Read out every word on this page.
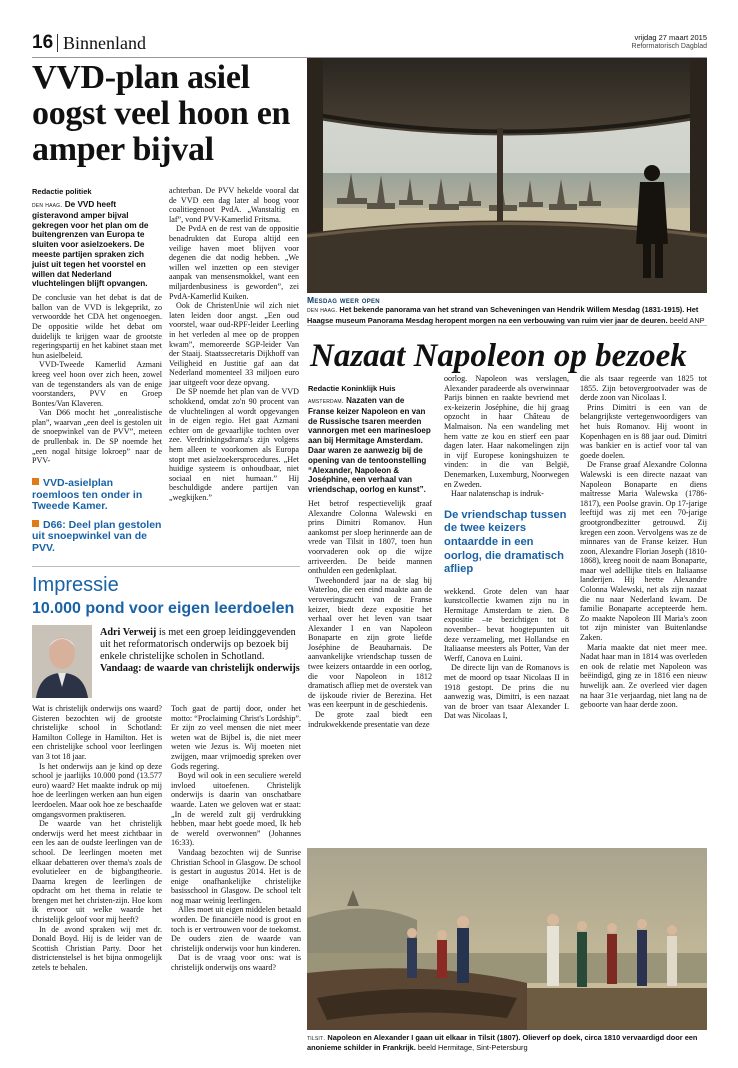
16 Binnenland	vrijdag 27 maart 2015
Reformatorisch Dagblad
VVD-plan asiel oogst veel hoon en amper bijval
Redactie politiek
den haag. De VVD heeft gisteravond amper bijval gekregen voor het plan om de buitengrenzen van Europa te sluiten voor asielzoekers. De meeste partijen spraken zich juist uit tegen het voorstel en willen dat Nederland vluchtelingen blijft opvangen.

De conclusie van het debat is dat de ballon van de VVD is lekgeprikt, zo verwoordde het CDA het ongenoegen. De oppositie wilde het debat om duidelijk te krijgen waar de grootste regeringspartij en het kabinet staan met hun asielbeleid.

VVD-Tweede Kamerlid Azmani kreeg veel hoon over zich heen, zowel van de tegenstanders als van de enige voorstanders, PVV en Groep Bontes/Van Klaveren.

Van D66 mocht het „onrealistische plan”, waarvan „een deel is gestolen uit de snoepwinkel van de PVV”, meteen de prullenbak in. De SP noemde het „een nogal hitsige lokroep” naar de PVV-

achterban. De PVV hekelde vooral dat de VVD een dag later al boog voor coalitiegenoot PvdA. „Wanstaltig en laf”, vond PVV-Kamerlid Fritsma.

De PvdA en de rest van de oppositie benadrukten dat Europa altijd een veilige haven moet blijven voor degenen die dat nodig hebben. „We willen wel inzetten op een steviger aanpak van mensensmokkel, want een miljardenbusiness is geworden”, zei PvdA-Kamerlid Kuiken.

Ook de ChristenUnie wil zich niet laten leiden door angst. „Een oud voorstel, waar oud-RPF-leider Leerling in het verleden al mee op de proppen kwam”, memoreerde SGP-leider Van der Staaij. Staatssecretaris Dijkhoff van Veiligheid en Justitie gaf aan dat Nederland momenteel 33 miljoen euro jaar uitgeeft voor deze opvang.

De SP noemde het plan van de VVD schokkend, omdat zo'n 90 procent van de vluchtelingen al wordt opgevangen in de eigen regio. Het gaat Azmani echter om de gevaarlijke tochten over zee. Verdrinkingsdrama's zijn volgens hem alleen te voorkomen als Europa stopt met asielzoekersprocedures. „Het huidige systeem is onhoudbaar, niet sociaal en niet humaan.” Hij beschuldigde andere partijen van „wegkijken.”

VVD-asielplan roemloos ten onder in Tweede Kamer.
D66: Deel plan gestolen uit snoepwinkel van de PVV.
Mesdag weer open
den haag. Het bekende panorama van het strand van Scheveningen van Hendrik Willem Mesdag (1831-1915). Het Haagse museum Panorama Mesdag heropent morgen na een verbouwing van ruim vier jaar de deuren. beeld ANP
Nazaat Napoleon op bezoek
Redactie Koninklijk Huis
amsterdam. Nazaten van de Franse keizer Napoleon en van de Russische tsaren meerden vannorgen met een marinesloep aan bij Hermitage Amsterdam. Daar waren ze aanwezig bij de opening van de tentoonstelling “Alexander, Napoleon & Joséphine, een verhaal van vriendschap, oorlog en kunst”.

Het betrof respectievelijk graaf Alexandre Colonna Walewski en prins Dimitri Romanov. Hun aankomst per sloep herinnerde aan de vrede van Tilsit in 1807, toen hun voorvaderen ook op die wijze arriveerden. De beide mannen onthulden een gedenkplaat.

Tweehonderd jaar na de slag bij Waterloo, die een eind maakte aan de veroveringszucht van de Franse keizer, biedt deze expositie het verhaal over het leven van tsaar Alexander I en van Napoleon Bonaparte en zijn grote liefde Joséphine de Beauharnais. De aanvankelijke vriendschap tussen de twee keizers ontaardde in een oorlog, die voor Napoleon in 1812 dramatisch afliep met de overstek van de ijskoude rivier de Berezina. Het was een keerpunt in de geschiedenis.

De grote zaal biedt een indrukwekkende presentatie van deze

oorlog. Napoleon was verslagen, Alexander paradeerde als overwinnaar Parijs binnen en raakte bevriend met ex-keizerin Joséphine, die hij graag opzocht in haar Château de Malmaison. Na een wandeling met hem vatte ze kou en stierf een paar dagen later. Haar nakomelingen zijn in vijf Europese koningshuizen te vinden: in die van België, Denemarken, Luxemburg, Noorwegen en Zweden.

Haar nalatenschap is indruk-

De vriendschap tussen de twee keizers ontaardde in een oorlog, die dramatisch afliep

wekkend. Grote delen van haar kunstcollectie kwamen zijn nu in Hermitage Amsterdam te zien. De expositie –te bezichtigen tot 8 november– bevat hoogtepunten uit deze verzameling, met Hollandse en Italiaanse meesters als Potter, Van der Werff, Canova en Luini.

De directe lijn van de Romanovs is met de moord op tsaar Nicolaas II in 1918 gestopt. De prins die nu aanwezig was, Dimitri, is een nazaat van de broer van tsaar Alexander I. Dat was Nicolaas I,

die als tsaar regeerde van 1825 tot 1855. Zijn betovergrootvader was de derde zoon van Nicolaas I.

Prins Dimitri is een van de belangrijkste vertegenwoordigers van het huis Romanov. Hij woont in Kopenhagen en is 88 jaar oud. Dimitri was bankier en is actief voor tal van goede doelen.

De Franse graaf Alexandre Colonna Walewski is een directe nazaat van Napoleon Bonaparte en diens maîtresse Maria Walewska (1786-1817), een Poolse gravin. Op 17-jarige leeftijd was zij met een 70-jarige grootgrondbezitter getrouwd. Zij kregen een zoon. Vervolgens was ze de minnares van de Franse keizer. Hun zoon, Alexandre Florian Joseph (1810-1868), kreeg nooit de naam Bonaparte, maar wel adellijke titels en Italiaanse landerijen. Hij heette Alexandre Colonna Walewski, net als zijn nazaat die nu naar Nederland kwam. De familie Bonaparte accepteerde hem. Zo maakte Napoleon III Maria's zoon tot zijn minister van Buitenlandse Zaken.

Maria maakte dat niet meer mee. Nadat haar man in 1814 was overleden en ook de relatie met Napoleon was beëindigd, ging ze in 1816 een nieuw huwelijk aan. Ze overleed vier dagen na haar 31e verjaardag, niet lang na de geboorte van haar derde zoon.

tilsit. Napoleon en Alexander I gaan uit elkaar in Tilsit (1807). Olieverf op doek, circa 1810 vervaardigd door een anonieme schilder in Frankrijk. beeld Hermitage, Sint-Petersburg
Impressie
10.000 pond voor eigen leerdoelen
Adri Verweij is met een groep leidinggevenden uit het reformatorisch onderwijs op bezoek bij enkele christelijke scholen in Schotland. Vandaag: de waarde van christelijk onderwijs

Wat is christelijk onderwijs ons waard? Gisteren bezochten wij de grootste christelijke school in Schotland: Hamilton College in Hamilton. Het is een christelijke school voor leerlingen van 3 tot 18 jaar.

Is het onderwijs aan je kind op deze school je jaarlijks 10.000 pond (13.577 euro) waard? Het maakte indruk op mij hoe de leerlingen werken aan hun eigen leerdoelen. Maar ook hoe ze beschaafde omgangsvormen praktiseren.

De waarde van het christelijk onderwijs werd het meest zichtbaar in een les aan de oudste leerlingen van de school. De leerlingen moeten met elkaar debatteren over thema's zoals de evolutieleer en de bigbangtheorie. Daarna kregen de leerlingen de opdracht om het thema in relatie te brengen met het christen-zijn. Hoe kom ik ervoor uit welke waarde het christelijk geloof voor mij heeft?

In de avond spraken wij met dr. Donald Boyd. Hij is de leider van de Scottish Christian Party. Door het districtenstelsel is het bijna onmogelijk zetels te behalen.

Toch gaat de partij door, onder het motto: “Proclaiming Christ's Lordship”. Er zijn zo veel mensen die niet meer weten wat de Bijbel is, die niet meer weten wie Jezus is. Wij moeten niet zwijgen, maar vrijmoedig spreken over Gods regering.

Boyd wil ook in een seculiere wereld invloed uitoefenen. Christelijk onderwijs is daarin van onschatbare waarde. Laten we geloven wat er staat: „In de wereld zult gij verdrukking hebben, maar hebt goede moed, Ik heb de wereld overwonnen” (Johannes 16:33).

Vandaag bezochten wij de Sunrise Christian School in Glasgow. De school is gestart in augustus 2014. Het is de enige onafhankelijke christelijke basisschool in Glasgow. De school telt nog maar weinig leerlingen.

Alles moet uit eigen middelen betaald worden. De financiële nood is groot en toch is er vertrouwen voor de toekomst. De ouders zien de waarde van christelijk onderwijs voor hun kinderen.

Dat is de vraag voor ons: wat is christelijk onderwijs ons waard?
